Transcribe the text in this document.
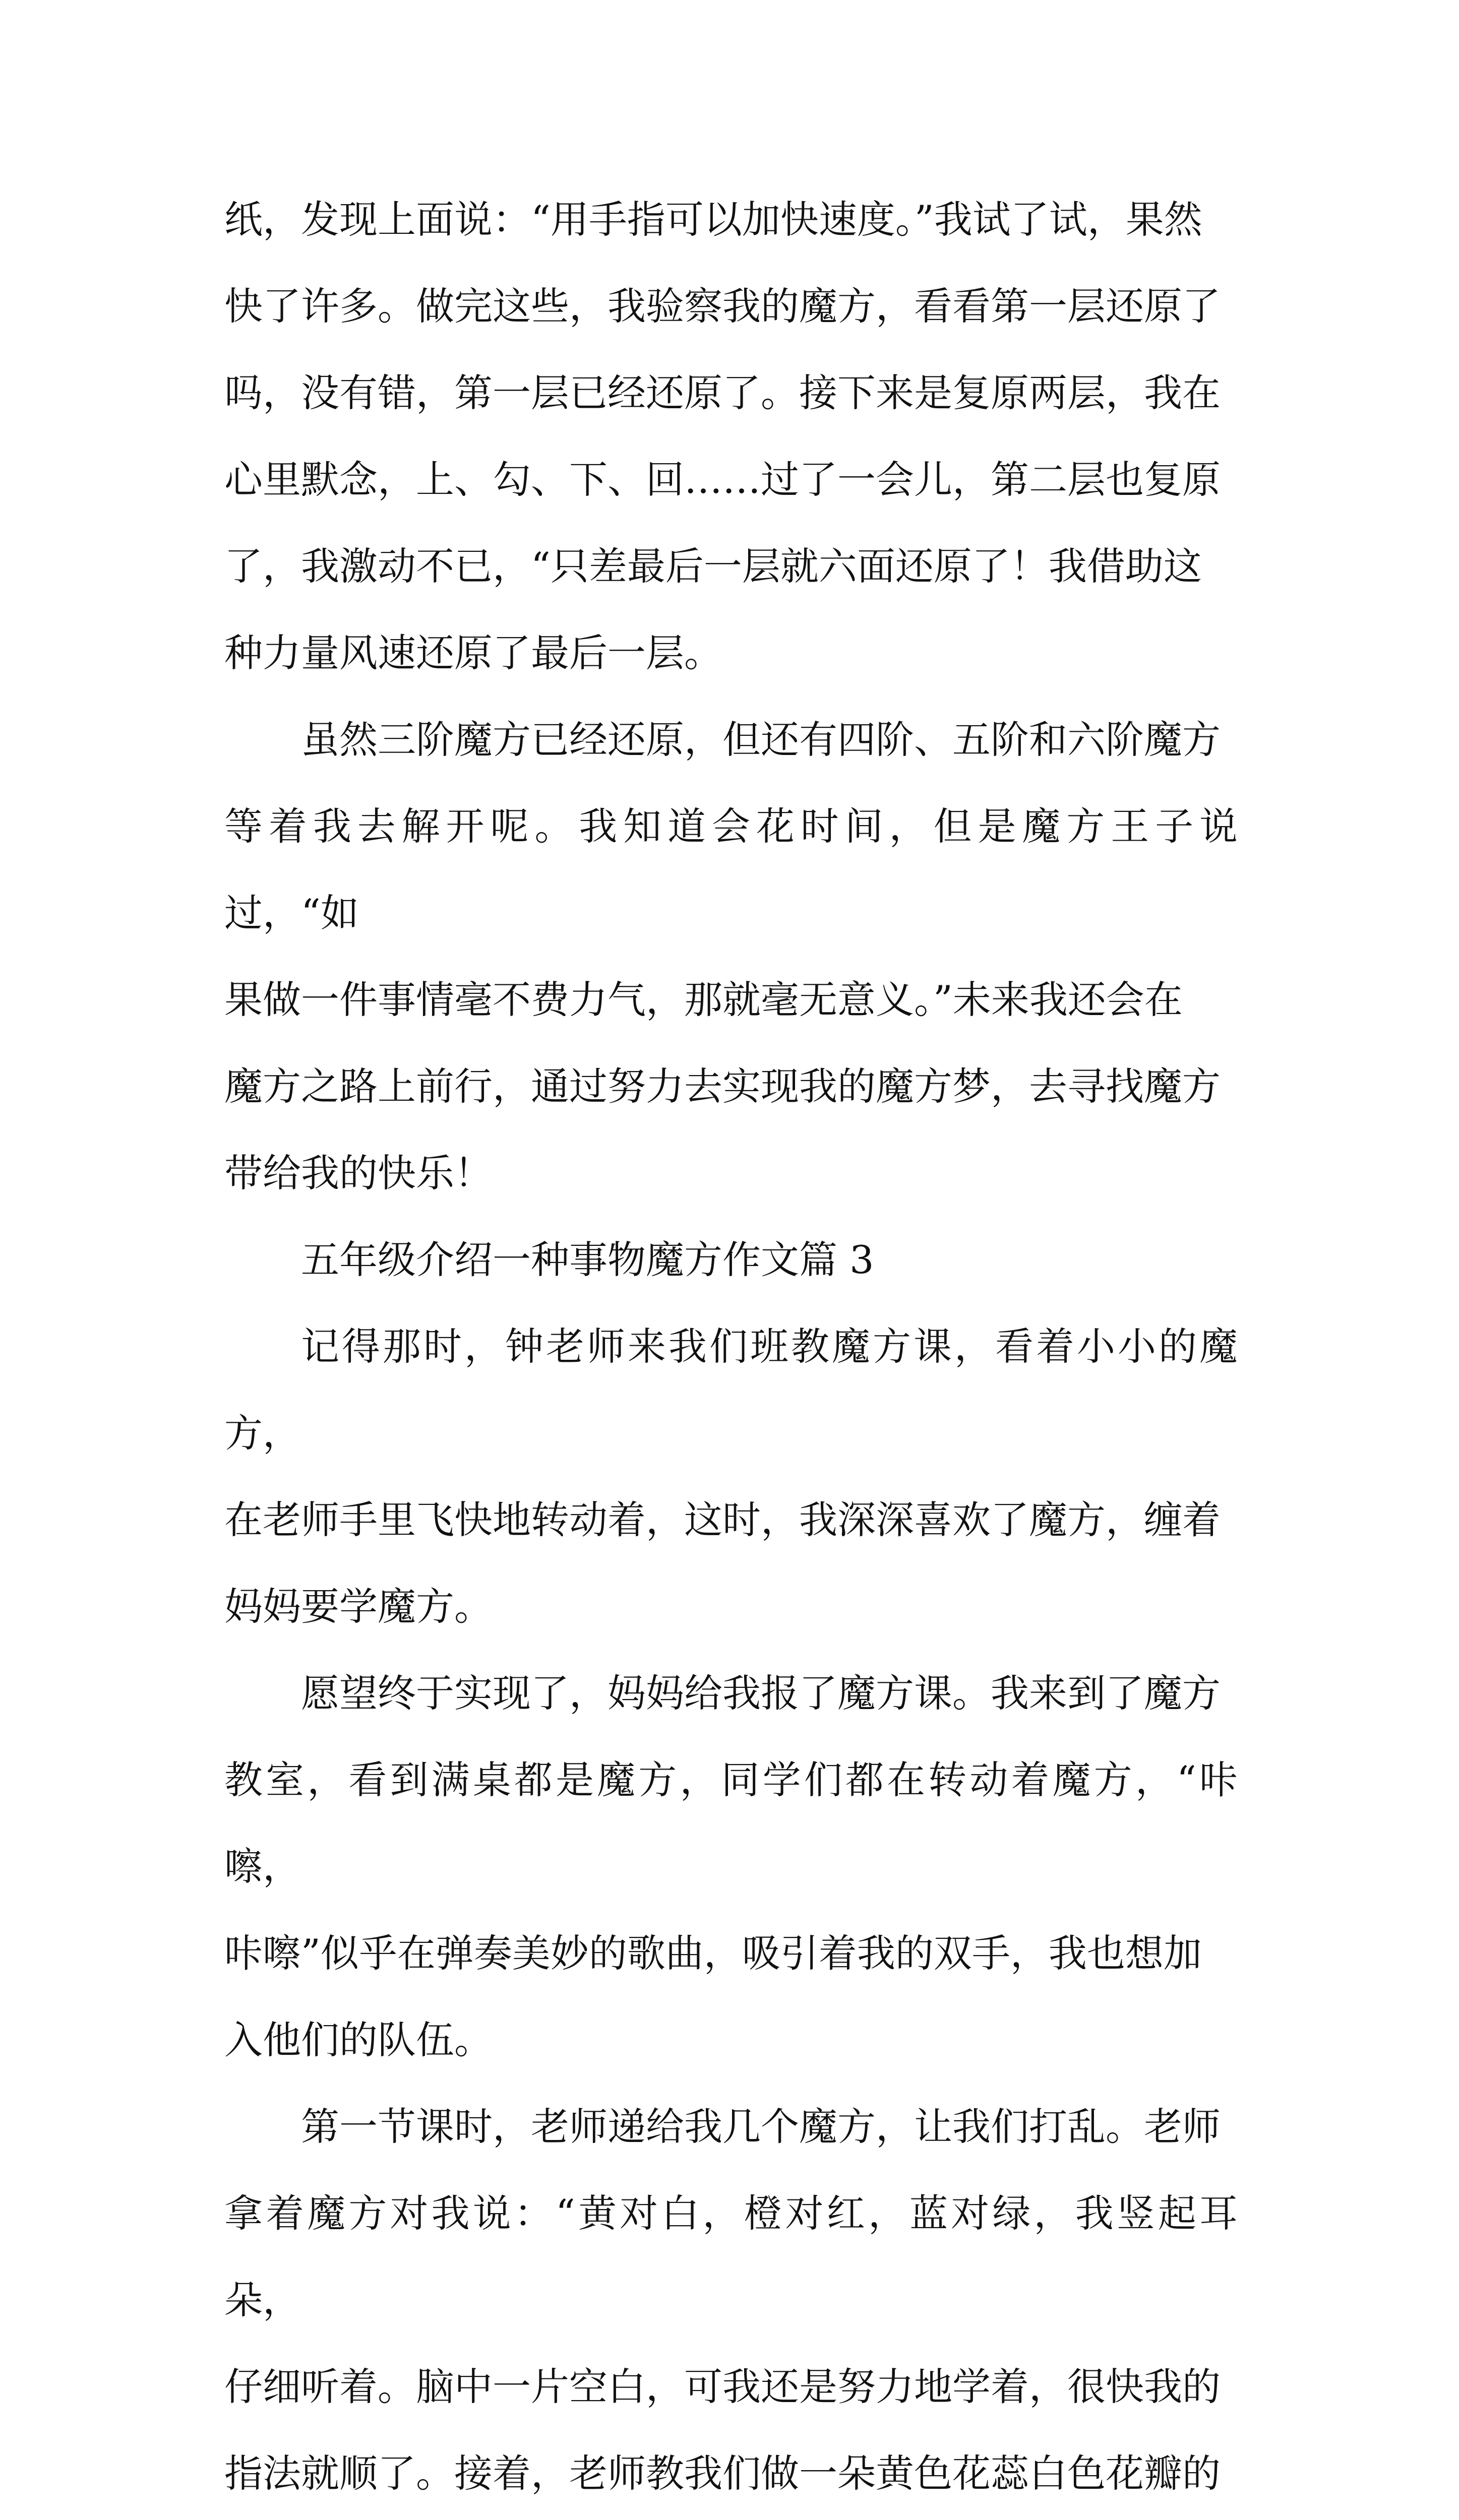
纸，发现上面说：“用手指可以加快速度。”我试了试，果然
快了许多。做完这些，我验察我的魔方，看看第一层还原了
吗，没有错，第一层已经还原了。接下来是复原两层，我在
心里默念，上、勾、下、回……过了一会儿，第二层也复原
了，我激动不已，“只差最后一层就六面还原了！我借助这
种力量风速还原了最后一层。
虽然三阶魔方已经还原，但还有四阶、五阶和六阶魔方
等着我去解开呢。我知道会花时间，但是魔方王子说过，“如
果做一件事情毫不费力气，那就毫无意义。”未来我还会在
魔方之路上前行，通过努力去实现我的魔方梦，去寻找魔方
带给我的快乐！
五年级介绍一种事物魔方作文篇 3
记得那时，钟老师来我们班教魔方课，看着小小的魔方，
在老师手里飞快地转动着，这时，我深深喜欢了魔方，缠着
妈妈要学魔方。
愿望终于实现了，妈妈给我报了魔方课。我来到了魔方
教室，看到满桌都是魔方，同学们都在转动着魔方，“咔嚓，
咔嚓”似乎在弹奏美妙的歌曲，吸引着我的双手，我也想加
入他们的队伍。
第一节课时，老师递给我几个魔方，让我们打乱。老师
拿着魔方对我说：“黄对白，橙对红，蓝对绿，我竖起耳朵，
仔细听着。脑中一片空白，可我还是努力地学着，很快我的
指法就顺了。接着，老师教我们做一朵黄色花蕊白色花瓣的
